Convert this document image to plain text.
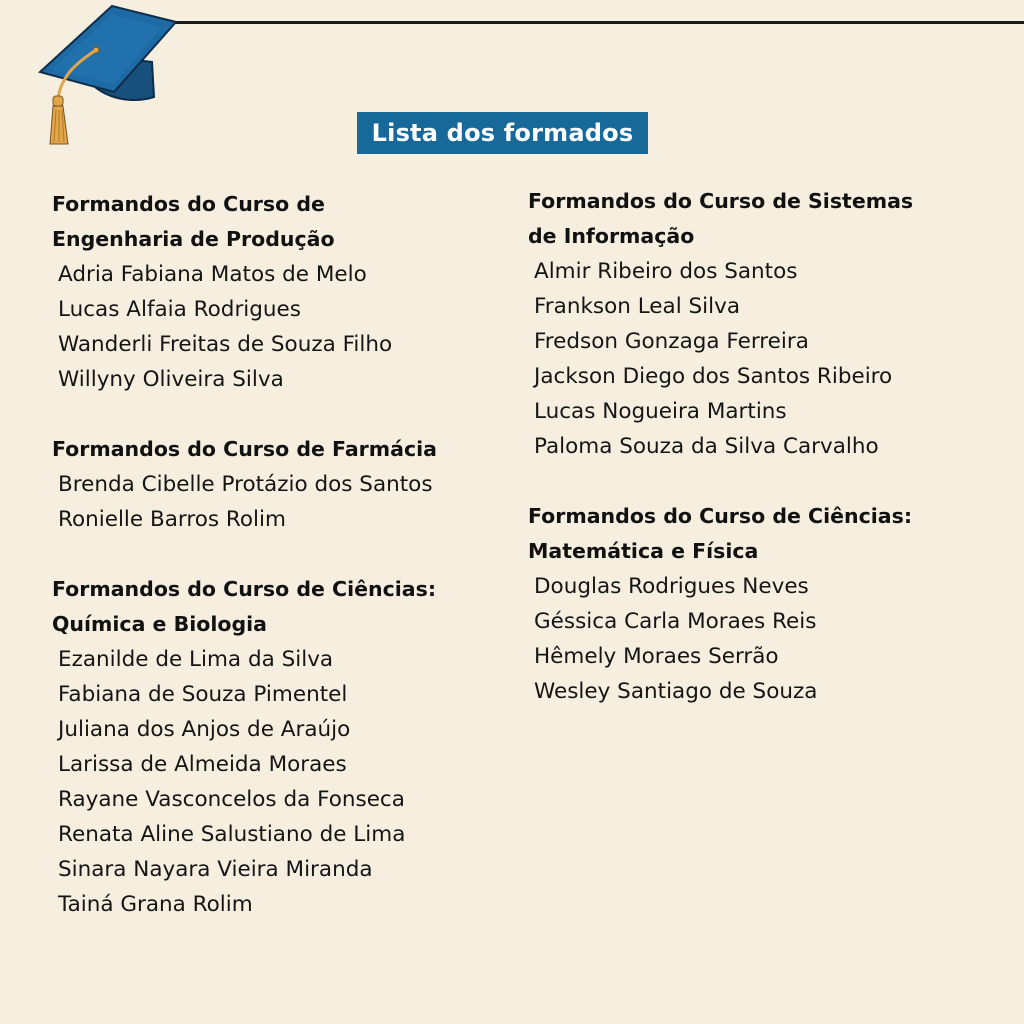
Lista dos formados
Formandos do Curso de
Engenharia de Produção
Adria Fabiana Matos de Melo
Lucas Alfaia Rodrigues
Wanderli Freitas de Souza Filho
Willyny Oliveira Silva
Formandos do Curso de Farmácia
Brenda Cibelle Protázio dos Santos
Ronielle Barros Rolim
Formandos do Curso de Ciências:
Química e Biologia
Ezanilde de Lima da Silva
Fabiana de Souza Pimentel
Juliana dos Anjos de Araújo
Larissa de Almeida Moraes
Rayane Vasconcelos da Fonseca
Renata Aline Salustiano de Lima
Sinara Nayara Vieira Miranda
Tainá Grana Rolim
Formandos do Curso de Sistemas
de Informação
Almir Ribeiro dos Santos
Frankson Leal Silva
Fredson Gonzaga Ferreira
Jackson Diego dos Santos Ribeiro
Lucas Nogueira Martins
Paloma Souza da Silva Carvalho
Formandos do Curso de Ciências:
Matemática e Física
Douglas Rodrigues Neves
Géssica Carla Moraes Reis
Hêmely Moraes Serrão
Wesley Santiago de Souza
